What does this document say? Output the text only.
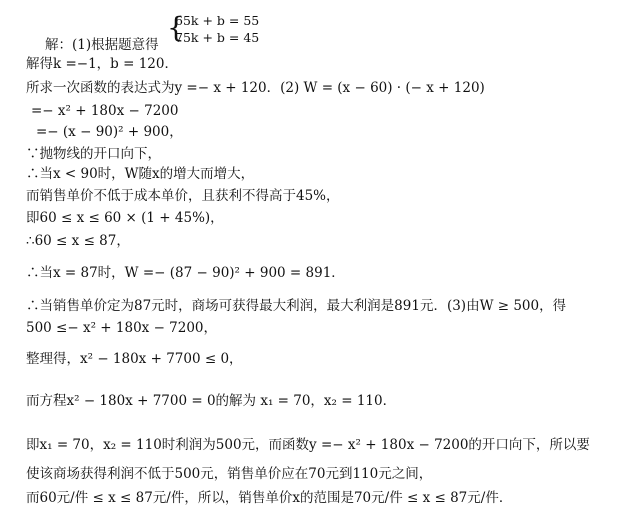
{
65k + b = 55
75k + b = 45
解：(1)根据题意得
解得k =−1，b = 120．
所求一次函数的表达式为y =− x + 120．(2) W = (x − 60) · (− x + 120)
=− x² + 180x − 7200
=− (x − 90)² + 900，
∵抛物线的开口向下，
∴当x < 90时，W随x的增大而增大，
而销售单价不低于成本单价，且获利不得高于45%，
即60 ≤ x ≤ 60 × (1 + 45%)，
∴60 ≤ x ≤ 87，
∴当x = 87时，W =− (87 − 90)² + 900 = 891．
∴当销售单价定为87元时，商场可获得最大利润，最大利润是891元．(3)由W ≥ 500，得
500 ≤− x² + 180x − 7200，
整理得，x² − 180x + 7700 ≤ 0，
而方程x² − 180x + 7700 = 0的解为 x₁ = 70，x₂ = 110．
即x₁ = 70，x₂ = 110时利润为500元，而函数y =− x² + 180x − 7200的开口向下，所以要
使该商场获得利润不低于500元，销售单价应在70元到110元之间，
而60元/件 ≤ x ≤ 87元/件，所以，销售单价x的范围是70元/件 ≤ x ≤ 87元/件．
